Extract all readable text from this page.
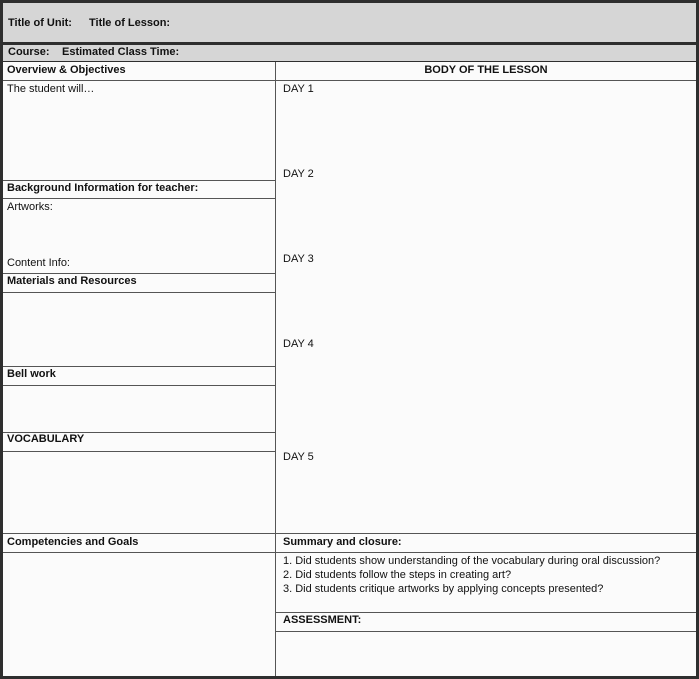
Title of Unit: Title of Lesson:
Course: Estimated Class Time:
Overview & Objectives
The student will…
Background Information for teacher:
Artworks:
Content Info:
Materials and Resources
Bell work
VOCABULARY
Competencies and Goals
BODY OF THE LESSON
DAY 1
DAY 2
DAY 3
DAY 4
DAY 5
Summary and closure:
1. Did students show understanding of the vocabulary during oral discussion?
2. Did students follow the steps in creating art?
3. Did students critique artworks by applying concepts presented?
ASSESSMENT:
